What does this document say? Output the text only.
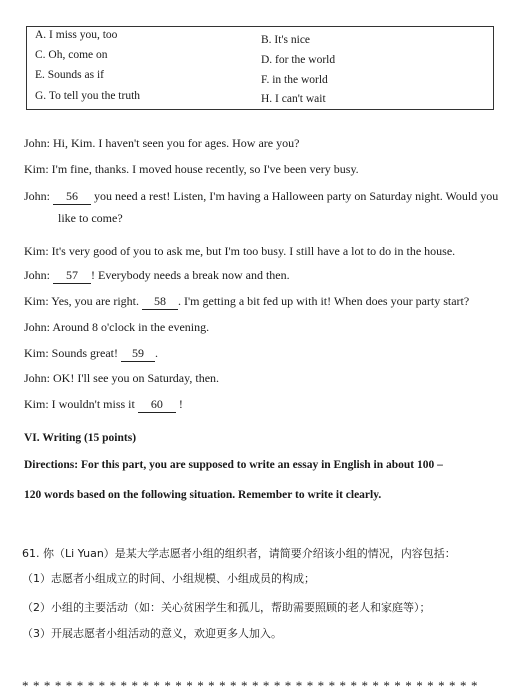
A. I miss you, too	B. It's nice
C. Oh, come on	D. for the world
E. Sounds as if	F. in the world
G. To tell you the truth	H. I can't wait
John: Hi, Kim. I haven't seen you for ages. How are you?
Kim: I'm fine, thanks. I moved house recently, so I've been very busy.
John: 56 you need a rest! Listen, I'm having a Halloween party on Saturday night. Would you
like to come?
Kim: It's very good of you to ask me, but I'm too busy. I still have a lot to do in the house.
John: 57 ! Everybody needs a break now and then.
Kim: Yes, you are right. 58 . I'm getting a bit fed up with it! When does your party start?
John: Around 8 o'clock in the evening.
Kim: Sounds great! 59 .
John: OK! I'll see you on Saturday, then.
Kim: I wouldn't miss it 60 !
VI. Writing (15 points)
Directions: For this part, you are supposed to write an essay in English in about 100 –
120 words based on the following situation. Remember to write it clearly.
61. 你（Li Yuan）是某大学志愿者小组的组织者，请简要介绍该小组的情况，内容包括：
（1）志愿者小组成立的时间、小组规模、小组成员的构成；
（2）小组的主要活动（如：关心贫困学生和孤儿，帮助需要照顾的老人和家庭等）；
（3）开展志愿者小组活动的意义，欢迎更多人加入。
* * * * * * * * * * * * * * * * * * * * * * * * * * * * * * * * * * * * * * * * * *
